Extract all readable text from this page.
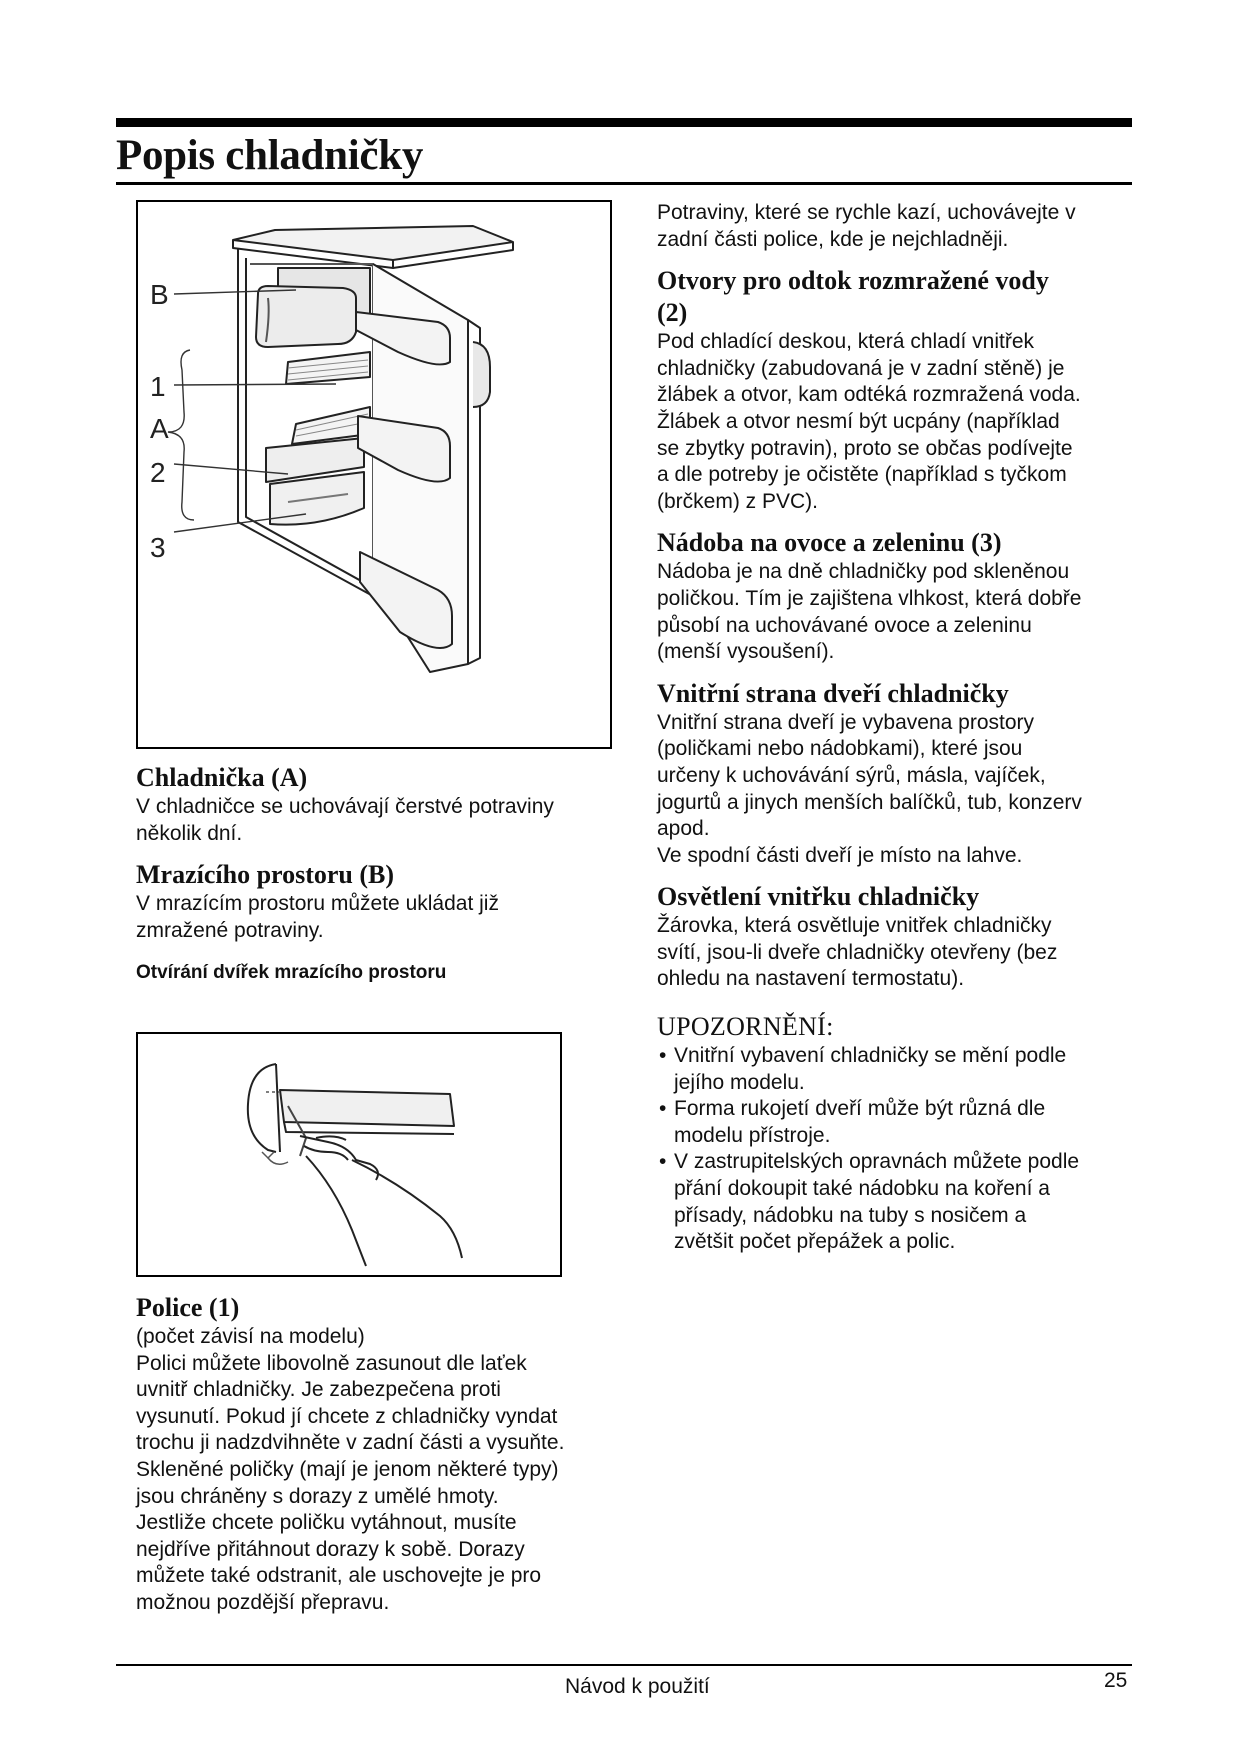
Popis chladničky
B
1
A
2
3
Chladnička (A)

V chladničce se uchovávají čerstvé potraviny

několik dní.

Mrazícího prostoru (B)

V mrazícím prostoru můžete ukládat již

zmražené potraviny.

Otvírání dvířek mrazícího prostoru
Police (1)

(počet závisí na modelu)

Polici můžete libovolně zasunout dle laťek

uvnitř chladničky. Je zabezpečena proti

vysunutí. Pokud jí chcete z chladničky vyndat

trochu ji nadzdvihněte v zadní části a vysuňte.

Skleněné poličky (mají je jenom některé typy)

jsou chráněny s dorazy z umělé hmoty.

Jestliže chcete poličku vytáhnout, musíte

nejdříve přitáhnout dorazy k sobě. Dorazy

můžete také odstranit, ale uschovejte je pro

možnou pozdější přepravu.

Potraviny, které se rychle kazí, uchovávejte v

zadní části police, kde je nejchladněji.

Otvory pro odtok rozmražené vody
(2)

Pod chladící deskou, která chladí vnitřek

chladničky (zabudovaná je v zadní stěně) je

žlábek a otvor, kam odtéká rozmražená voda.

Žlábek a otvor nesmí být ucpány (například

se zbytky potravin), proto se občas podívejte

a dle potreby je očistěte (například s tyčkom

(brčkem) z PVC).

Nádoba na ovoce a zeleninu (3)

Nádoba je na dně chladničky pod skleněnou

poličkou. Tím je zajištena vlhkost, která dobře

působí na uchovávané ovoce a zeleninu

(menší vysoušení).

Vnitřní strana dveří chladničky

Vnitřní strana dveří je vybavena prostory

(poličkami nebo nádobkami), které jsou

určeny k uchovávání sýrů, másla, vajíček,

jogurtů a jinych menších balíčků, tub, konzerv

apod.

Ve spodní části dveří je místo na lahve.

Osvětlení vnitřku chladničky

Žárovka, která osvětluje vnitřek chladničky

svítí, jsou-li dveře chladničky otevřeny (bez

ohledu na nastavení termostatu).

UPOZORNĚNÍ:

• Vnitřní vybavení chladničky se mění podle
jejího modelu.
• Forma rukojetí dveří může být různá dle
modelu přístroje.
• V zastrupitelských opravnách můžete podle
přání dokoupit také nádobku na koření a
přísady, nádobku na tuby s nosičem a
zvětšit počet přepážek a polic.
Návod k použití	25
